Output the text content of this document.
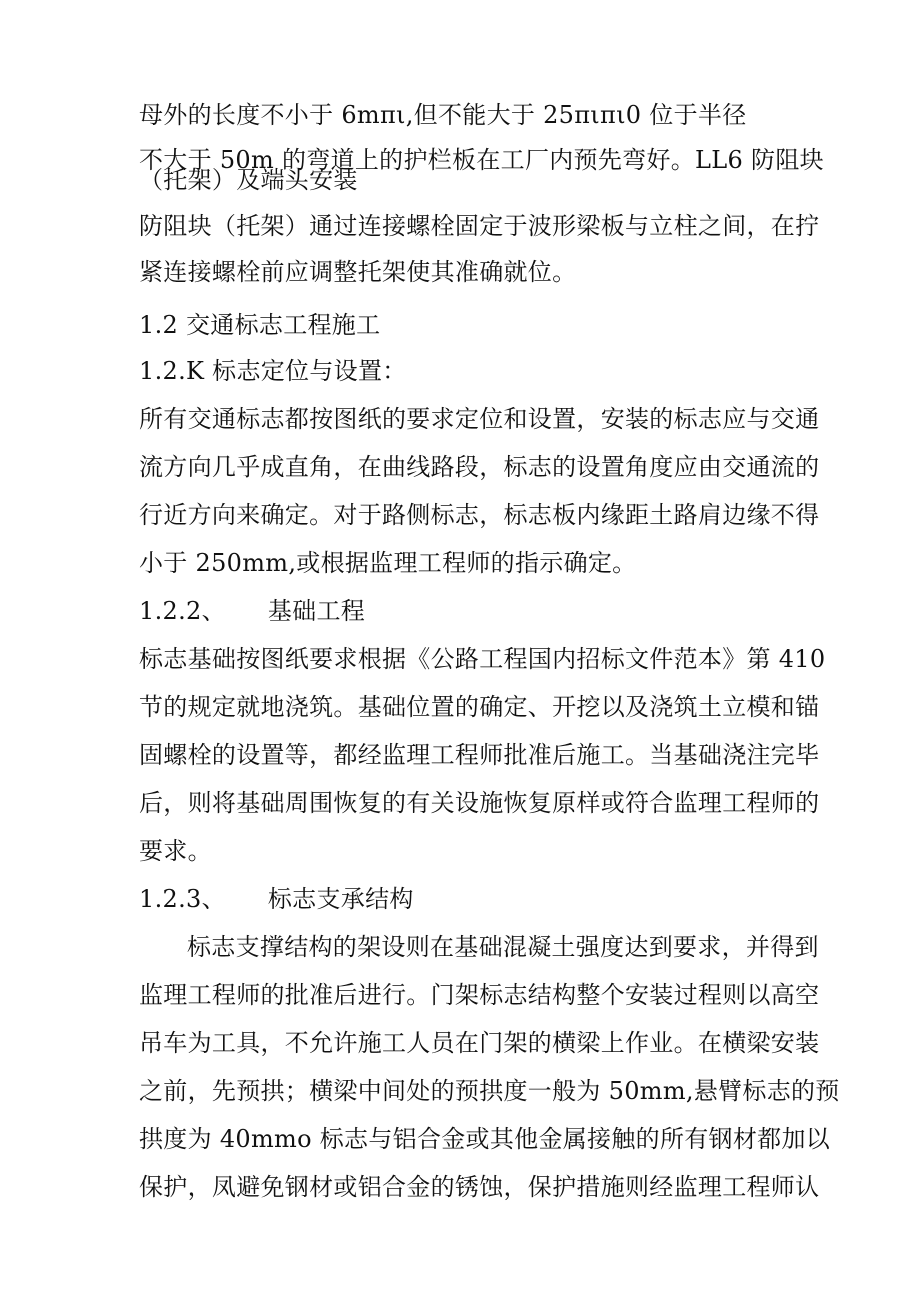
母外的长度不小于 6mπι,但不能大于 25πιπι0 位于半径
不大于 50m 的弯道上的护栏板在工厂内预先弯好。LL6 防阻块
（托架）及端头安装
防阻块（托架）通过连接螺栓固定于波形梁板与立柱之间，在拧
紧连接螺栓前应调整托架使其准确就位。
1.2 交通标志工程施工
1.2.K 标志定位与设置：
所有交通标志都按图纸的要求定位和设置，安装的标志应与交通
流方向几乎成直角，在曲线路段，标志的设置角度应由交通流的
行近方向来确定。对于路侧标志，标志板内缘距土路肩边缘不得
小于 250mm,或根据监理工程师的指示确定。
1.2.2、 基础工程
标志基础按图纸要求根据《公路工程国内招标文件范本》第 410
节的规定就地浇筑。基础位置的确定、开挖以及浇筑土立模和锚
固螺栓的设置等，都经监理工程师批准后施工。当基础浇注完毕
后，则将基础周围恢复的有关设施恢复原样或符合监理工程师的
要求。
1.2.3、 标志支承结构
标志支撑结构的架设则在基础混凝土强度达到要求，并得到
监理工程师的批准后进行。门架标志结构整个安装过程则以高空
吊车为工具，不允许施工人员在门架的横梁上作业。在横梁安装
之前，先预拱；横梁中间处的预拱度一般为 50mm,悬臂标志的预
拱度为 40mmo 标志与铝合金或其他金属接触的所有钢材都加以
保护，凤避免钢材或铝合金的锈蚀，保护措施则经监理工程师认
